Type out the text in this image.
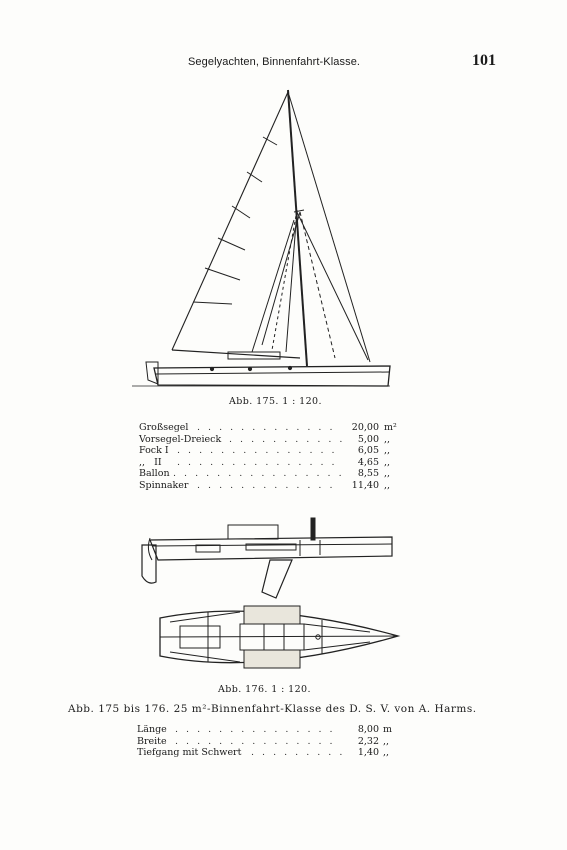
Segelyachten, Binnenfahrt-Klasse.	101
Abb. 175. 1 : 120.
Großsegel . . . . . . . . . . . . . 20,00 m²
Vorsegel-Dreieck . . . . . . . . . . .	5,00 ,,
Fock I . . . . . . . . . . . . . . .	6,05 ,,
,,   II . . . . . . . . . . . . . . .	4,65 ,,
Ballon . . . . . . . . . . . . . . . .	8,55 ,,
Spinnaker . . . . . . . . . . . . . 11,40 ,,
Abb. 176. 1 : 120.
Abb. 175 bis 176. 25 m²-Binnenfahrt-Klasse des D. S. V. von A. Harms.
Länge . . . . . . . . . . . . . . .	8,00 m
Breite . . . . . . . . . . . . . . .	2,32 ,,
Tiefgang mit Schwert . . . . . . . . .	1,40 ,,
